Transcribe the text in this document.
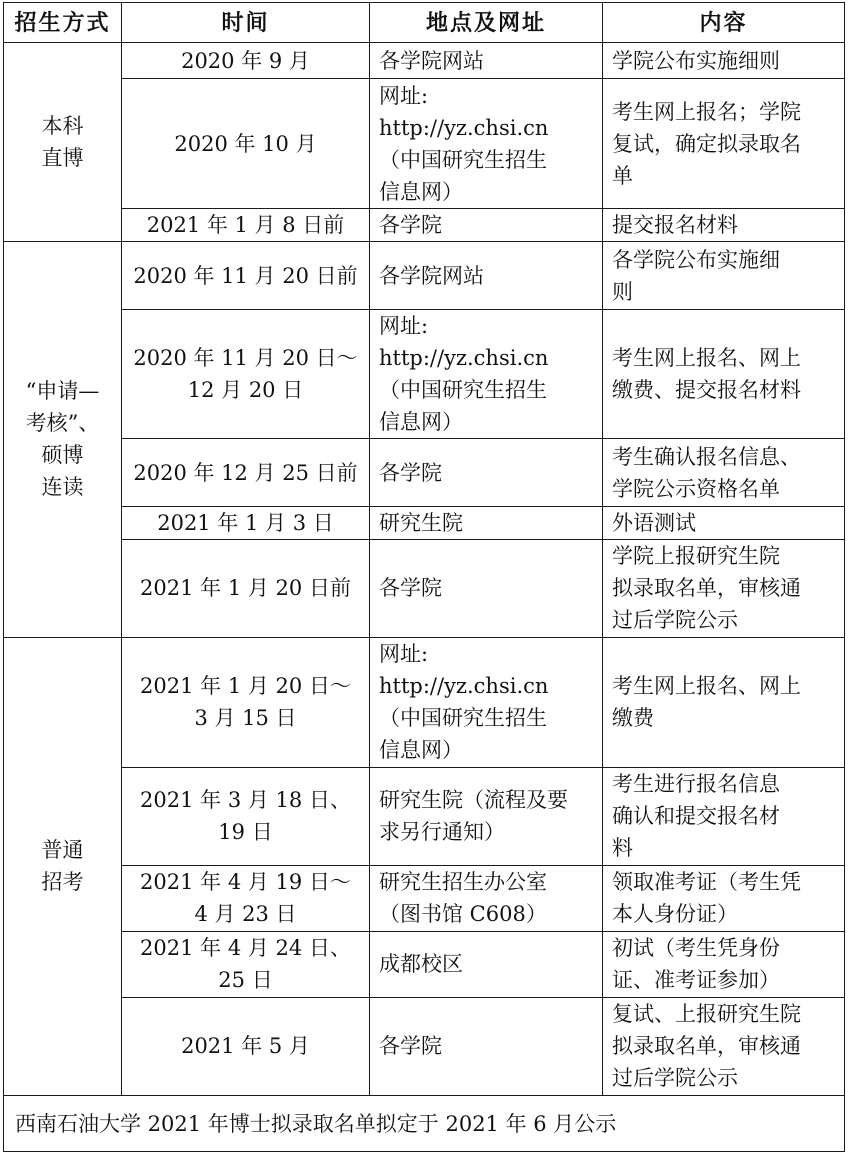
招生方式	时间	地点及网址	内容

本科
直博	2020 年 9 月	各学院网站	学院公布实施细则

	2020 年 10 月	网址:
http://yz.chsi.cn
（中国研究生招生
信息网）	考生网上报名；学院
复试，确定拟录取名
单

	2021 年 1 月 8 日前	各学院	提交报名材料

“申请—
考核”、
硕博
连读	2020 年 11 月 20 日前	各学院网站	各学院公布实施细
则

	2020 年 11 月 20 日～
12 月 20 日	网址:
http://yz.chsi.cn
（中国研究生招生
信息网）	考生网上报名、网上
缴费、提交报名材料

	2020 年 12 月 25 日前	各学院	考生确认报名信息、
学院公示资格名单

	2021 年 1 月 3 日	研究生院	外语测试

	2021 年 1 月 20 日前	各学院	学院上报研究生院
拟录取名单，审核通
过后学院公示

普通
招考	2021 年 1 月 20 日～
3 月 15 日	网址:
http://yz.chsi.cn
（中国研究生招生
信息网）	考生网上报名、网上
缴费

	2021 年 3 月 18 日、
19 日	研究生院（流程及要
求另行通知）	考生进行报名信息
确认和提交报名材
料

	2021 年 4 月 19 日～
4 月 23 日	研究生招生办公室
（图书馆 C608）	领取准考证（考生凭
本人身份证）

	2021 年 4 月 24 日、
25 日	成都校区	初试（考生凭身份
证、准考证参加）

	2021 年 5 月	各学院	复试、上报研究生院
拟录取名单，审核通
过后学院公示

西南石油大学 2021 年博士拟录取名单拟定于 2021 年 6 月公示			
